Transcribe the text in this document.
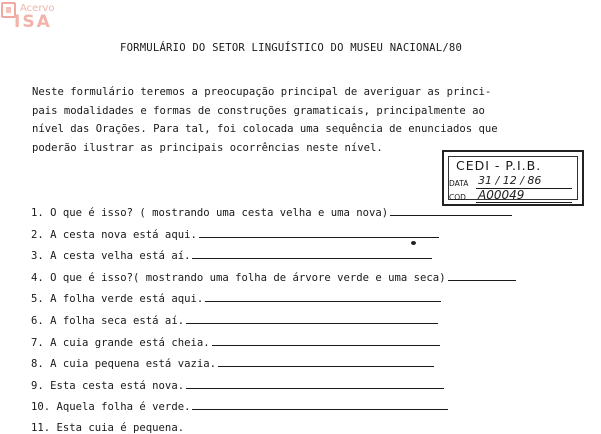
Acervo
ISA
FORMULÁRIO DO SETOR LINGUÍSTICO DO MUSEU NACIONAL/80
Neste formulário teremos a preocupação principal de averiguar as princi-
pais modalidades e formas de construções gramaticais, principalmente ao
nível das Orações. Para tal, foi colocada uma sequência de enunciados que
poderão ilustrar as principais ocorrências neste nível.
CEDI - P.I.B.
DATA 31 / 12 / 86
COD. A00049
1. O que é isso? ( mostrando uma cesta velha e uma nova)
2. A cesta nova está aqui.
3. A cesta velha está aí.
4. O que é isso?( mostrando uma folha de árvore verde e uma seca)
5. A folha verde está aqui.
6. A folha seca está aí.
7. A cuia grande está cheia.
8. A cuia pequena está vazia.
9. Esta cesta está nova.
10. Aquela folha é verde.
11. Esta cuia é pequena.
